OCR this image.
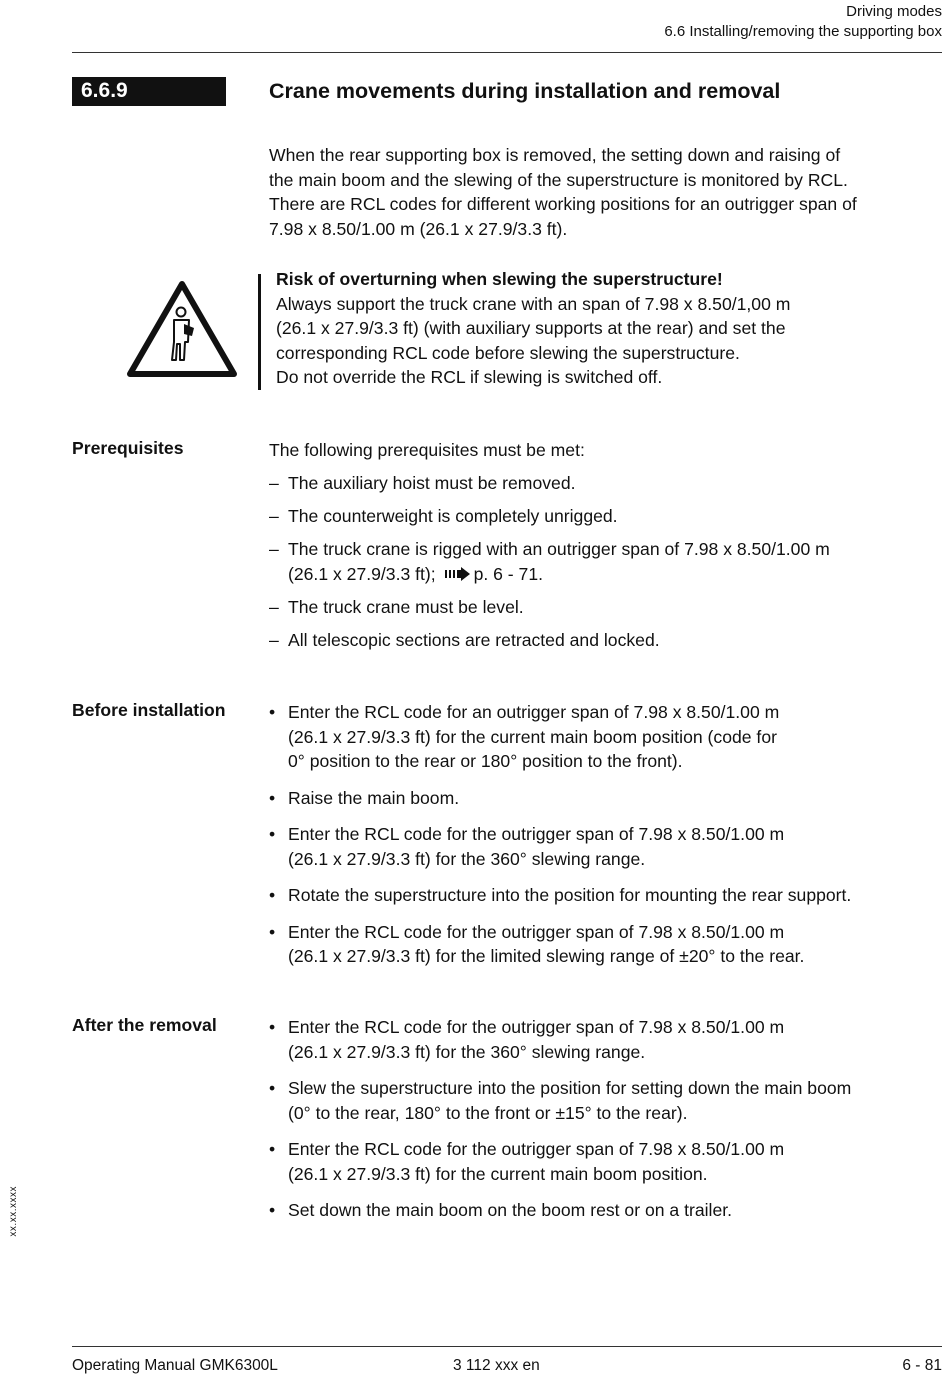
Driving modes
6.6 Installing/removing the supporting box
6.6.9	Crane movements during installation and removal
When the rear supporting box is removed, the setting down and raising of
the main boom and the slewing of the superstructure is monitored by RCL.
There are RCL codes for different working positions for an outrigger span of
7.98 x 8.50/1.00 m (26.1 x 27.9/3.3 ft).
Risk of overturning when slewing the superstructure!
Always support the truck crane with an span of 7.98 x 8.50/1,00 m
(26.1 x 27.9/3.3 ft) (with auxiliary supports at the rear) and set the
corresponding RCL code before slewing the superstructure.
Do not override the RCL if slewing is switched off.
Prerequisites	The following prerequisites must be met:
– The auxiliary hoist must be removed.
– The counterweight is completely unrigged.
– The truck crane is rigged with an outrigger span of 7.98 x 8.50/1.00 m
(26.1 x 27.9/3.3 ft); p. 6 - 71.
– The truck crane must be level.
– All telescopic sections are retracted and locked.
Before installation • Enter the RCL code for an outrigger span of 7.98 x 8.50/1.00 m
(26.1 x 27.9/3.3 ft) for the current main boom position (code for
0° position to the rear or 180° position to the front).
• Raise the main boom.
• Enter the RCL code for the outrigger span of 7.98 x 8.50/1.00 m
(26.1 x 27.9/3.3 ft) for the 360° slewing range.
• Rotate the superstructure into the position for mounting the rear support.
• Enter the RCL code for the outrigger span of 7.98 x 8.50/1.00 m
(26.1 x 27.9/3.3 ft) for the limited slewing range of ±20° to the rear.
After the removal	• Enter the RCL code for the outrigger span of 7.98 x 8.50/1.00 m
(26.1 x 27.9/3.3 ft) for the 360° slewing range.
• Slew the superstructure into the position for setting down the main boom
(0° to the rear, 180° to the front or ±15° to the rear).
• Enter the RCL code for the outrigger span of 7.98 x 8.50/1.00 m
(26.1 x 27.9/3.3 ft) for the current main boom position.
• Set down the main boom on the boom rest or on a trailer.
xx.xx.xxxx
Operating Manual GMK6300L	3 112 xxx en	6 - 81
